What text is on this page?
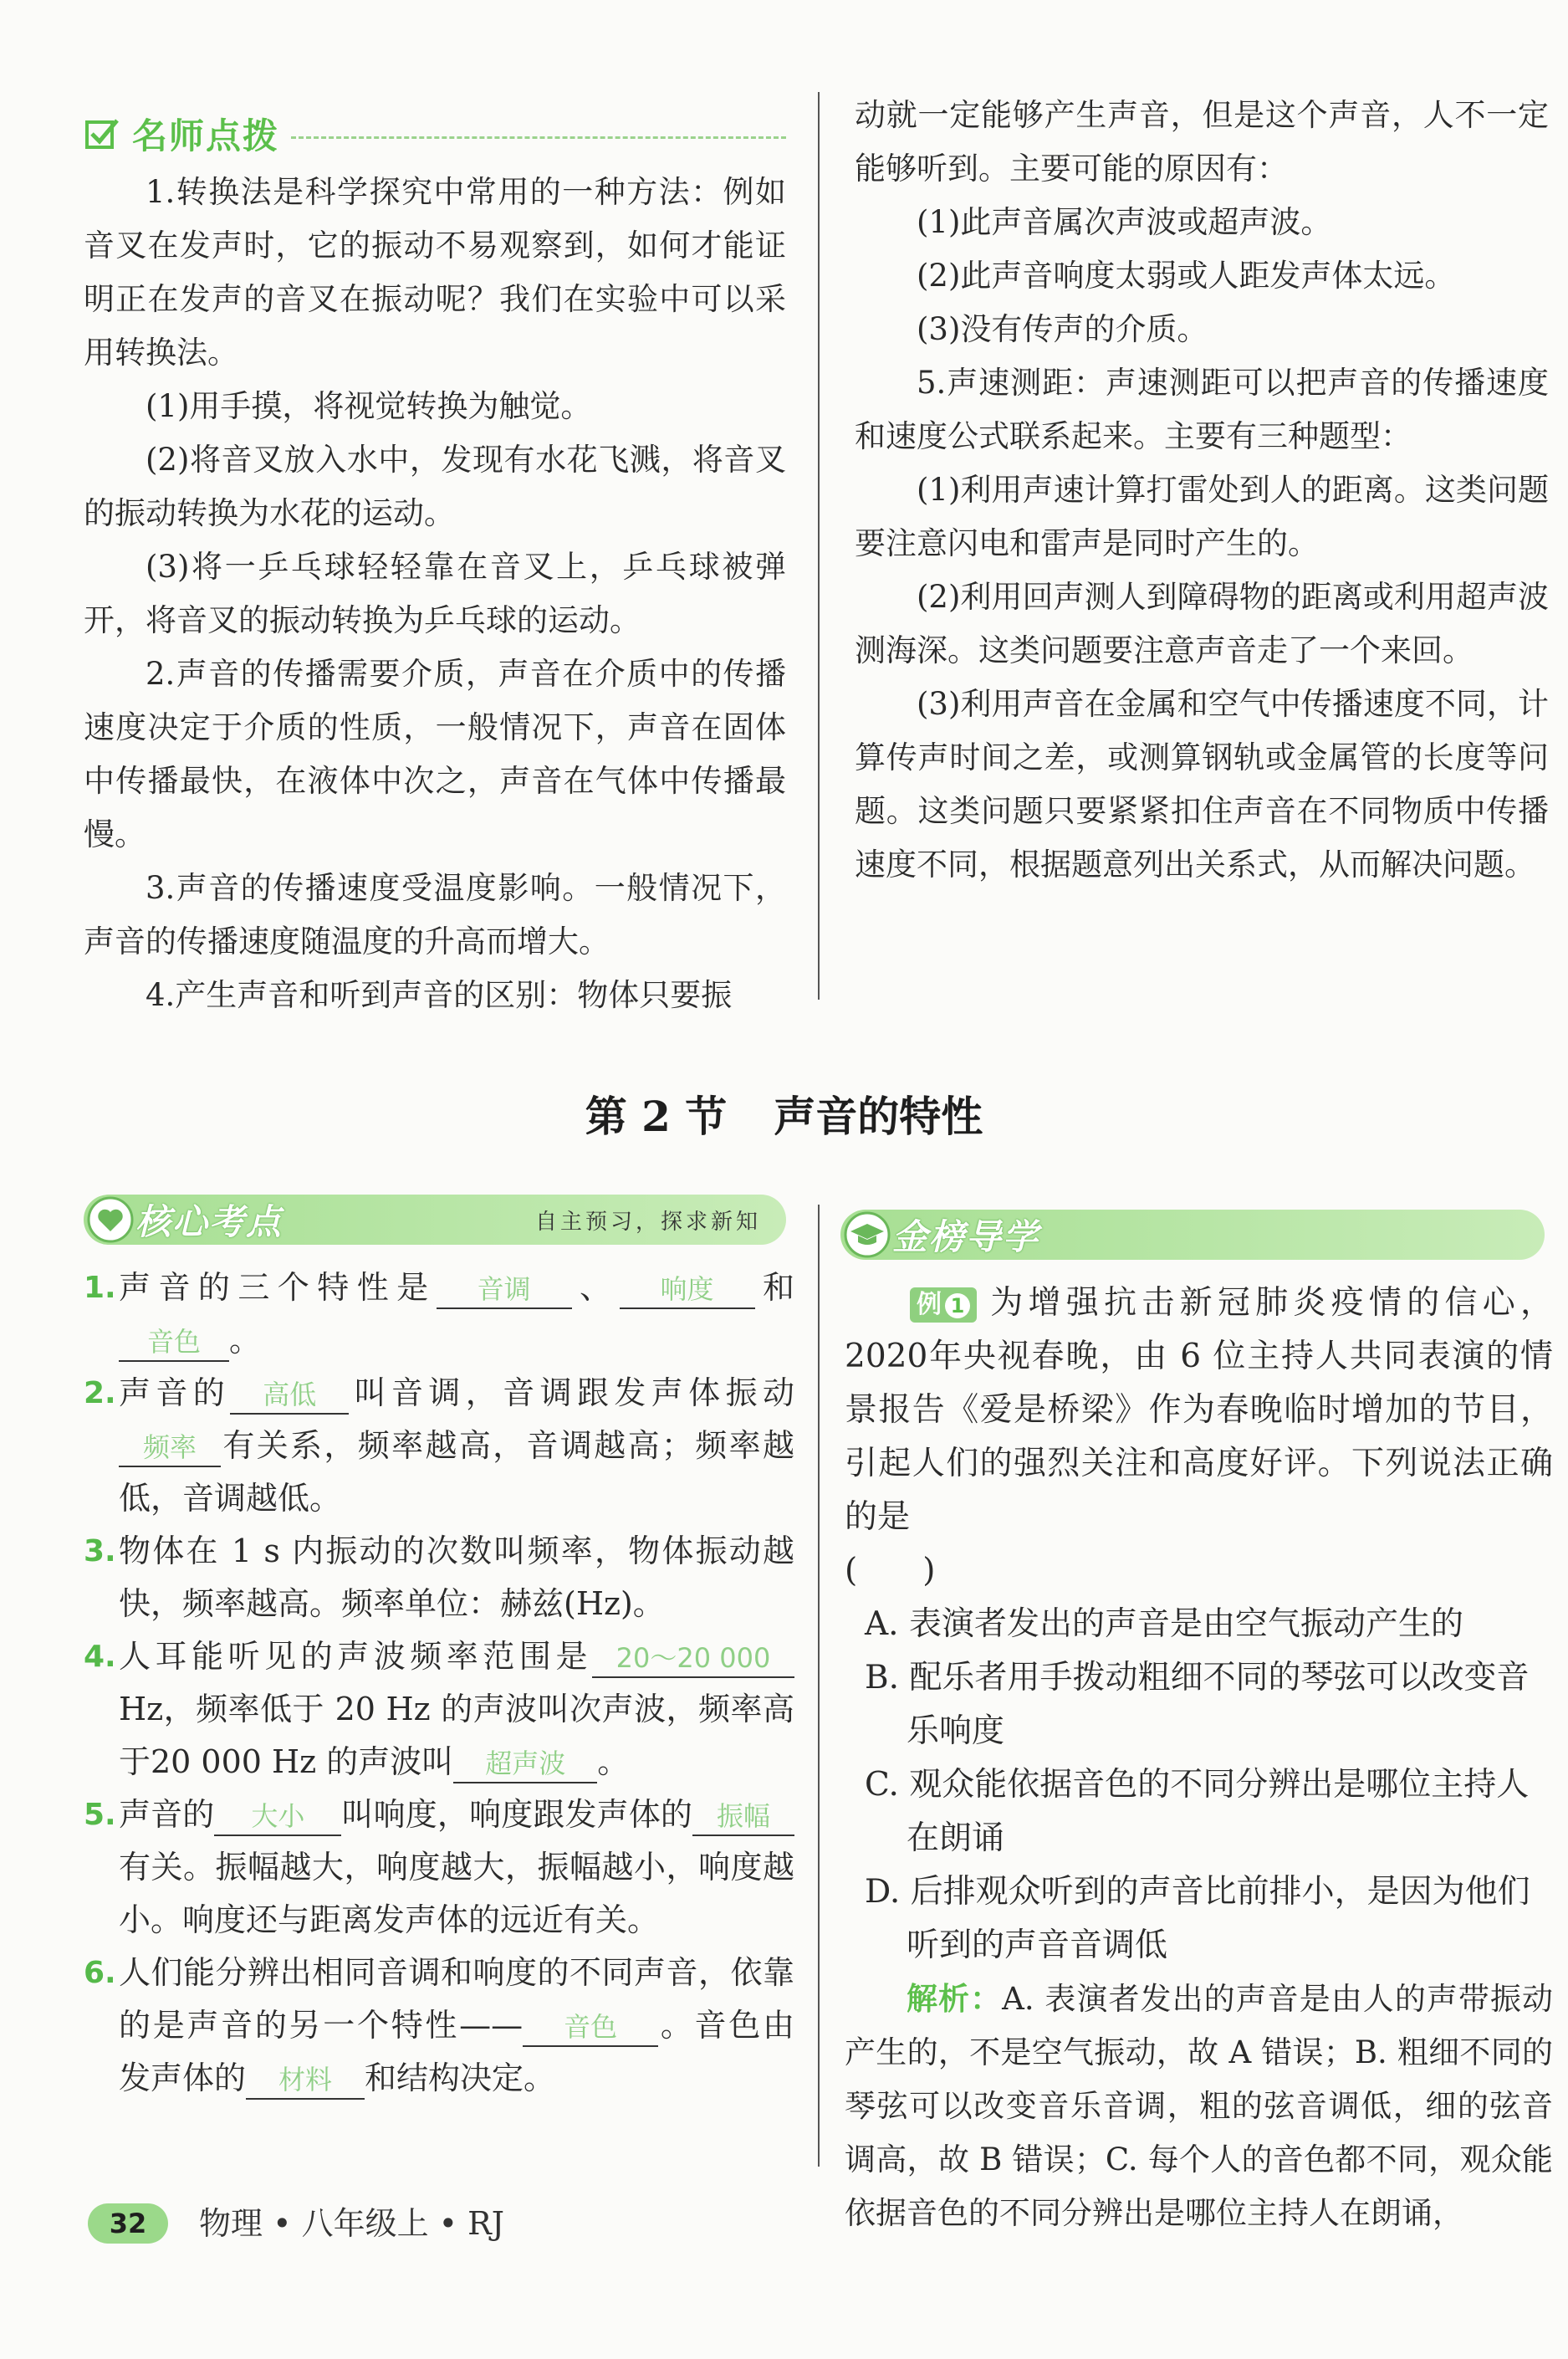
名师点拨

1.转换法是科学探究中常用的一种方法：例如音叉在发声时，它的振动不易观察到，如何才能证明正在发声的音叉在振动呢？我们在实验中可以采用转换法。

(1)用手摸，将视觉转换为触觉。

(2)将音叉放入水中，发现有水花飞溅，将音叉的振动转换为水花的运动。

(3)将一乒乓球轻轻靠在音叉上，乒乓球被弹开，将音叉的振动转换为乒乓球的运动。

2.声音的传播需要介质，声音在介质中的传播速度决定于介质的性质，一般情况下，声音在固体中传播最快，在液体中次之，声音在气体中传播最慢。

3.声音的传播速度受温度影响。一般情况下，声音的传播速度随温度的升高而增大。

4.产生声音和听到声音的区别：物体只要振

动就一定能够产生声音，但是这个声音，人不一定能够听到。主要可能的原因有：

(1)此声音属次声波或超声波。

(2)此声音响度太弱或人距发声体太远。

(3)没有传声的介质。

5.声速测距：声速测距可以把声音的传播速度和速度公式联系起来。主要有三种题型：

(1)利用声速计算打雷处到人的距离。这类问题要注意闪电和雷声是同时产生的。

(2)利用回声测人到障碍物的距离或利用超声波测海深。这类问题要注意声音走了一个来回。

(3)利用声音在金属和空气中传播速度不同，计算传声时间之差，或测算钢轨或金属管的长度等问题。这类问题只要紧紧扣住声音在不同物质中传播速度不同，根据题意列出关系式，从而解决问题。

第 2 节 声音的特性
核心考点	自主预习，探求新知
1. 声音的三个特性是 音调 、 响度 和音色 。
2. 声音的 高低 叫音调，音调跟发声体振动频率 有关系，频率越高，音调越高；频率越低，音调越低。
3. 物体在 1 s 内振动的次数叫频率，物体振动越快，频率越高。频率单位：赫兹(Hz)。
4. 人耳能听见的声波频率范围是 20～20 000Hz，频率低于 20 Hz 的声波叫次声波，频率高于20 000 Hz 的声波叫 超声波 。
5. 声音的 大小 叫响度，响度跟发声体的 振幅有关。振幅越大，响度越大，振幅越小，响度越小。响度还与距离发声体的远近有关。
6. 人们能分辨出相同音调和响度的不同声音，依靠的是声音的另一个特性—— 音色 。音色由发声体的 材料 和结构决定。
金榜导学
例 1 为增强抗击新冠肺炎疫情的信心，2020年央视春晚，由 6 位主持人共同表演的情景报告《爱是桥梁》作为春晚临时增加的节目，引起人们的强烈关注和高度好评。下列说法正确的是
(　　)

A. 表演者发出的声音是由空气振动产生的

B. 配乐者用手拨动粗细不同的琴弦可以改变音乐响度

C. 观众能依据音色的不同分辨出是哪位主持人在朗诵

D. 后排观众听到的声音比前排小，是因为他们听到的声音音调低

解析：A. 表演者发出的声音是由人的声带振动产生的，不是空气振动，故 A 错误；B. 粗细不同的琴弦可以改变音乐音调，粗的弦音调低，细的弦音调高，故 B 错误；C. 每个人的音色都不同，观众能依据音色的不同分辨出是哪位主持人在朗诵，

32	物理 • 八年级上 • RJ
